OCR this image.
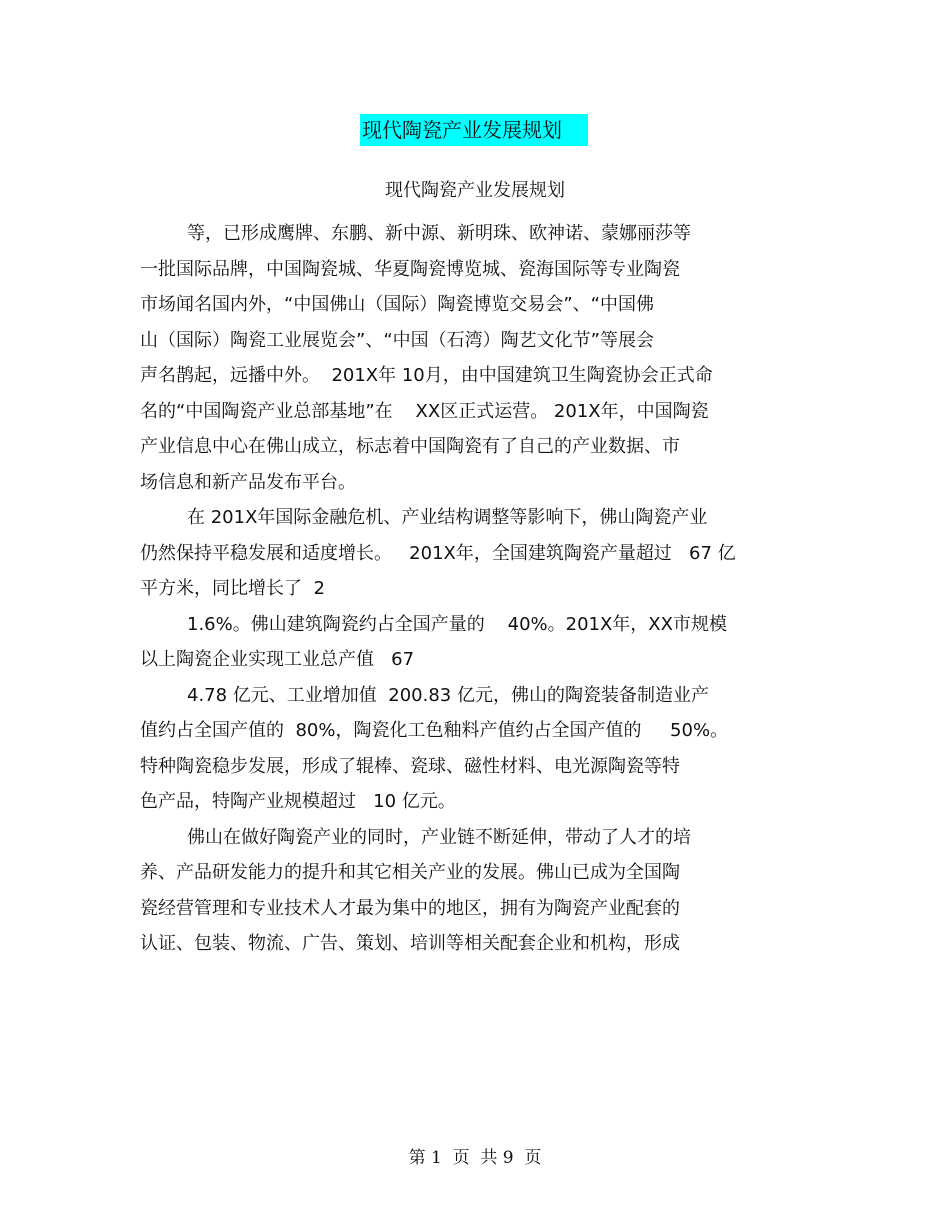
现代陶瓷产业发展规划
现代陶瓷产业发展规划
等，已形成鹰牌、东鹏、新中源、新明珠、欧神诺、蒙娜丽莎等
一批国际品牌，中国陶瓷城、华夏陶瓷博览城、瓷海国际等专业陶瓷
市场闻名国内外，“中国佛山（国际）陶瓷博览交易会”、“中国佛
山（国际）陶瓷工业展览会”、“中国（石湾）陶艺文化节”等展会
声名鹊起，远播中外。  201X年 10月，由中国建筑卫生陶瓷协会正式命
名的“中国陶瓷产业总部基地”在    XX区正式运营。 201X年，中国陶瓷
产业信息中心在佛山成立，标志着中国陶瓷有了自己的产业数据、市
场信息和新产品发布平台。
在 201X年国际金融危机、产业结构调整等影响下，佛山陶瓷产业
仍然保持平稳发展和适度增长。   201X年，全国建筑陶瓷产量超过   67 亿
平方米，同比增长了  2
1.6%。佛山建筑陶瓷约占全国产量的    40%。201X年，XX市规模
以上陶瓷企业实现工业总产值   67
4.78 亿元、工业增加值  200.83 亿元，佛山的陶瓷装备制造业产
值约占全国产值的  80%，陶瓷化工色釉料产值约占全国产值的     50%。
特种陶瓷稳步发展，形成了辊棒、瓷球、磁性材料、电光源陶瓷等特
色产品，特陶产业规模超过   10 亿元。
佛山在做好陶瓷产业的同时，产业链不断延伸，带动了人才的培
养、产品研发能力的提升和其它相关产业的发展。佛山已成为全国陶
瓷经营管理和专业技术人才最为集中的地区，拥有为陶瓷产业配套的
认证、包装、物流、广告、策划、培训等相关配套企业和机构，形成
第 1  页  共 9  页
